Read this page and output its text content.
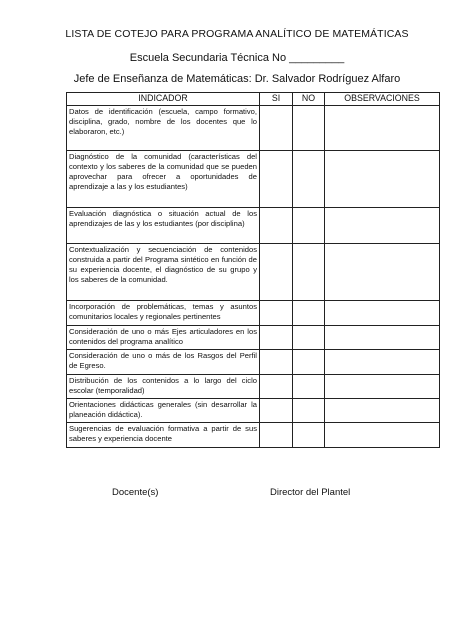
LISTA DE COTEJO PARA PROGRAMA ANALÍTICO DE MATEMÁTICAS
Escuela Secundaria Técnica No _________
Jefe de Enseñanza de Matemáticas: Dr. Salvador Rodríguez Alfaro
INDICADOR	SI	NO	OBSERVACIONES
Datos de identificación (escuela, campo formativo, disciplina, grado, nombre de los docentes que lo elaboraron, etc.)			
Diagnóstico de la comunidad (características del contexto y los saberes de la comunidad que se pueden aprovechar para ofrecer a oportunidades de aprendizaje a las y los estudiantes)			
Evaluación diagnóstica o situación actual de los aprendizajes de las y los estudiantes (por disciplina)			
Contextualización y secuenciación de contenidos construida a partir del Programa sintético en función de su experiencia docente, el diagnóstico de su grupo y los saberes de la comunidad.			
Incorporación de problemáticas, temas y asuntos comunitarios locales y regionales pertinentes			
Consideración de uno o más Ejes articuladores en los contenidos del programa analítico			
Consideración de uno o más de los Rasgos del Perfil de Egreso.			
Distribución de los contenidos a lo largo del ciclo escolar (temporalidad)			
Orientaciones didácticas generales (sin desarrollar la planeación didáctica).			
Sugerencias de evaluación formativa a partir de sus saberes y experiencia docente			
Docente(s)	Director del Plantel
